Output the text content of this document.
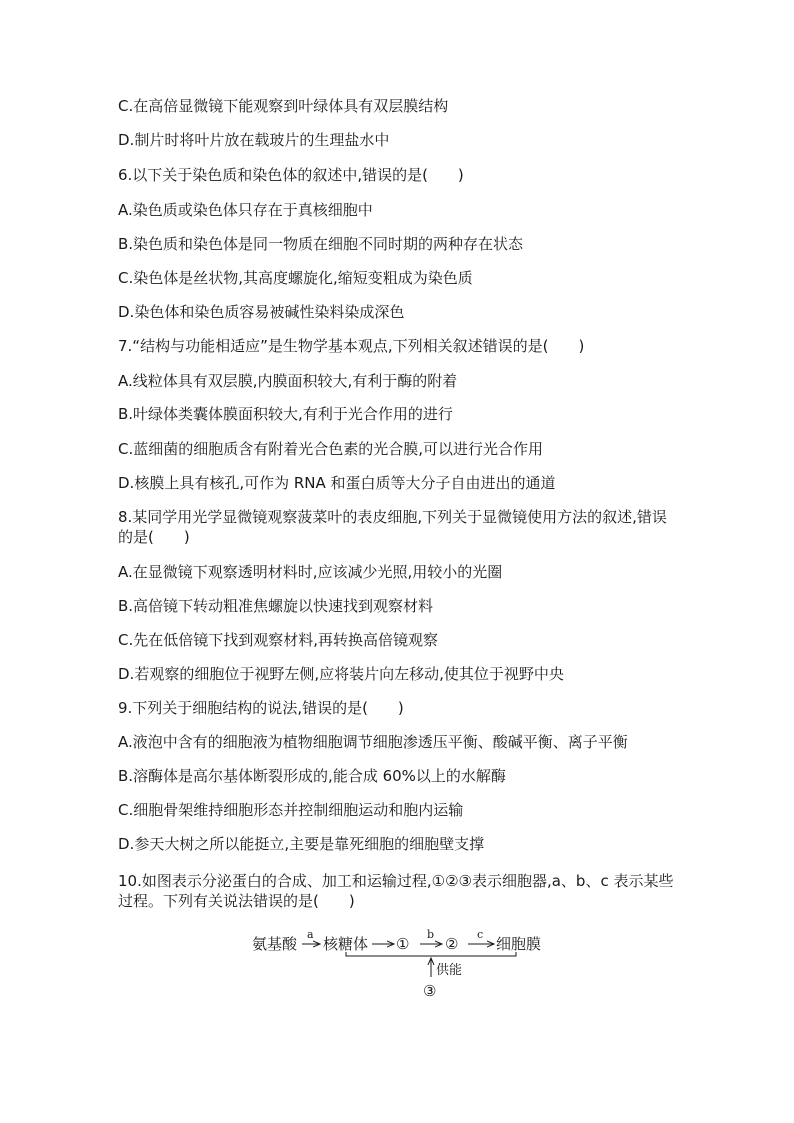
C.在高倍显微镜下能观察到叶绿体具有双层膜结构
D.制片时将叶片放在载玻片的生理盐水中
6.以下关于染色质和染色体的叙述中,错误的是(　　)
A.染色质或染色体只存在于真核细胞中
B.染色质和染色体是同一物质在细胞不同时期的两种存在状态
C.染色体是丝状物,其高度螺旋化,缩短变粗成为染色质
D.染色体和染色质容易被碱性染料染成深色
7.“结构与功能相适应”是生物学基本观点,下列相关叙述错误的是(　　)
A.线粒体具有双层膜,内膜面积较大,有利于酶的附着
B.叶绿体类囊体膜面积较大,有利于光合作用的进行
C.蓝细菌的细胞质含有附着光合色素的光合膜,可以进行光合作用
D.核膜上具有核孔,可作为 RNA 和蛋白质等大分子自由进出的通道
8.某同学用光学显微镜观察菠菜叶的表皮细胞,下列关于显微镜使用方法的叙述,错误的是(　　)
A.在显微镜下观察透明材料时,应该减少光照,用较小的光圈
B.高倍镜下转动粗准焦螺旋以快速找到观察材料
C.先在低倍镜下找到观察材料,再转换高倍镜观察
D.若观察的细胞位于视野左侧,应将装片向左移动,使其位于视野中央
9.下列关于细胞结构的说法,错误的是(　　)
A.液泡中含有的细胞液为植物细胞调节细胞渗透压平衡、酸碱平衡、离子平衡
B.溶酶体是高尔基体断裂形成的,能合成 60%以上的水解酶
C.细胞骨架维持细胞形态并控制细胞运动和胞内运输
D.参天大树之所以能挺立,主要是靠死细胞的细胞壁支撑
10.如图表示分泌蛋白的合成、加工和运输过程,①②③表示细胞器,a、b、c 表示某些过程。下列有关说法错误的是(　　)
氨基酸
a
核糖体 ①
b
②
c
细胞膜
供能
③
